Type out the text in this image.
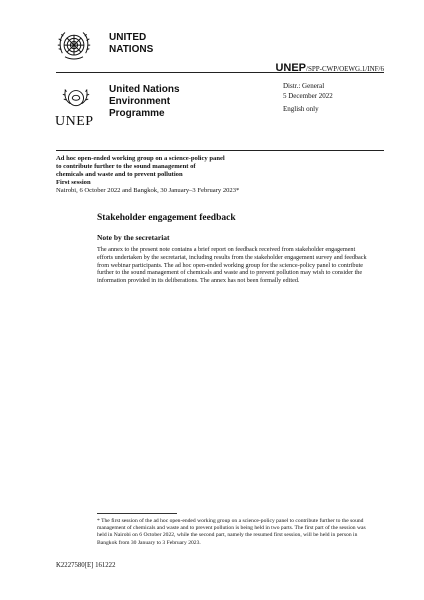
UNITED
NATIONS
UNEP/SPP-CWP/OEWG.1/INF/6
UNEP
United Nations
Environment
Programme
Distr.: General
5 December 2022
English only
Ad hoc open-ended working group on a science-policy panel
to contribute further to the sound management of
chemicals and waste and to prevent pollution
First session
Nairobi, 6 October 2022 and Bangkok, 30 January–3 February 2023*
Stakeholder engagement feedback
Note by the secretariat
The annex to the present note contains a brief report on feedback received from stakeholder engagement efforts undertaken by the secretariat, including results from the stakeholder engagement survey and feedback from webinar participants. The ad hoc open-ended working group for the science-policy panel to contribute further to the sound management of chemicals and waste and to prevent pollution may wish to consider the information provided in its deliberations. The annex has not been formally edited.
* The first session of the ad hoc open-ended working group on a science-policy panel to contribute further to the sound management of chemicals and waste and to prevent pollution is being held in two parts. The first part of the session was held in Nairobi on 6 October 2022, while the second part, namely the resumed first session, will be held in person in Bangkok from 30 January to 3 February 2023.
K2227580[E] 161222
